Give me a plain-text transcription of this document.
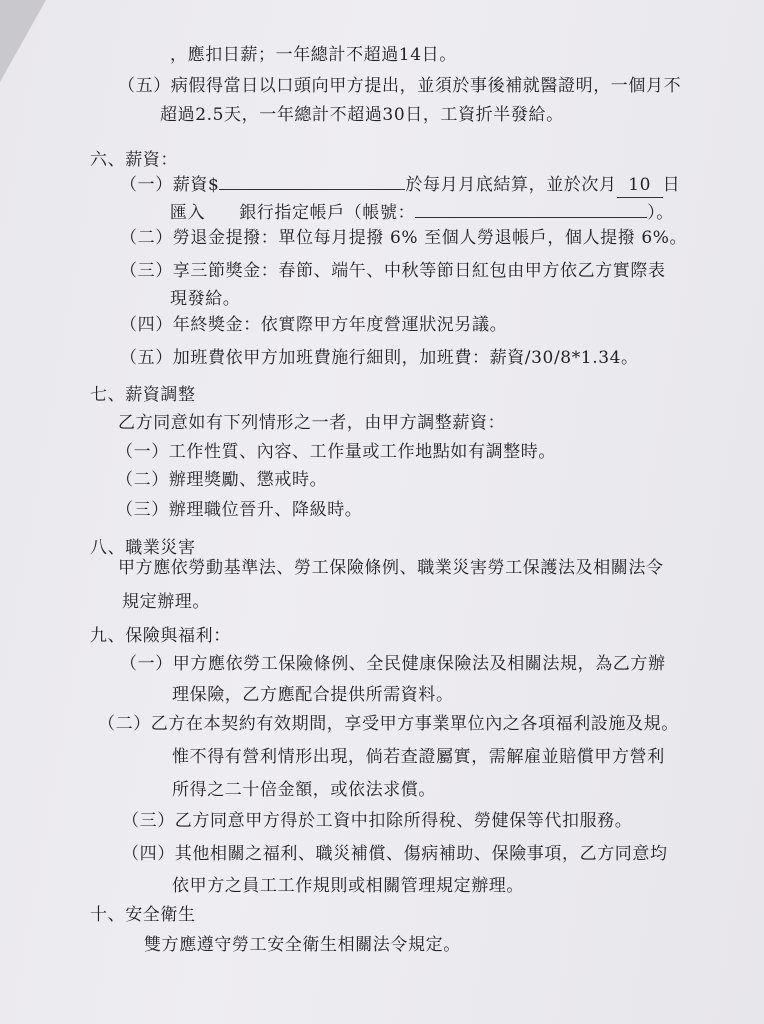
，應扣日薪；一年總計不超過14日。
（五）病假得當日以口頭向甲方提出，並須於事後補就醫證明，一個月不
超過2.5天，一年總計不超過30日，工資折半發給。
六、薪資：
（一）薪資$	於每月月底結算，並於次月 10 日
匯入 銀行指定帳戶（帳號：	）。
（二）勞退金提撥：單位每月提撥 6% 至個人勞退帳戶，個人提撥 6%。
（三）享三節獎金：春節、端午、中秋等節日紅包由甲方依乙方實際表
現發給。
（四）年終獎金：依實際甲方年度營運狀況另議。
（五）加班費依甲方加班費施行細則，加班費：薪資/30/8*1.34。
七、薪資調整
乙方同意如有下列情形之一者，由甲方調整薪資：
（一）工作性質、內容、工作量或工作地點如有調整時。
（二）辦理獎勵、懲戒時。
（三）辦理職位晉升、降級時。
八、職業災害
甲方應依勞動基準法、勞工保險條例、職業災害勞工保護法及相關法令
規定辦理。
九、保險與福利：
（一）甲方應依勞工保險條例、全民健康保險法及相關法規，為乙方辦
理保險，乙方應配合提供所需資料。
（二）乙方在本契約有效期間，享受甲方事業單位內之各項福利設施及規。
惟不得有營利情形出現，倘若查證屬實，需解雇並賠償甲方營利
所得之二十倍金額，或依法求償。
（三）乙方同意甲方得於工資中扣除所得稅、勞健保等代扣服務。
（四）其他相關之福利、職災補償、傷病補助、保險事項，乙方同意均
依甲方之員工工作規則或相關管理規定辦理。
十、安全衛生
雙方應遵守勞工安全衛生相關法令規定。
